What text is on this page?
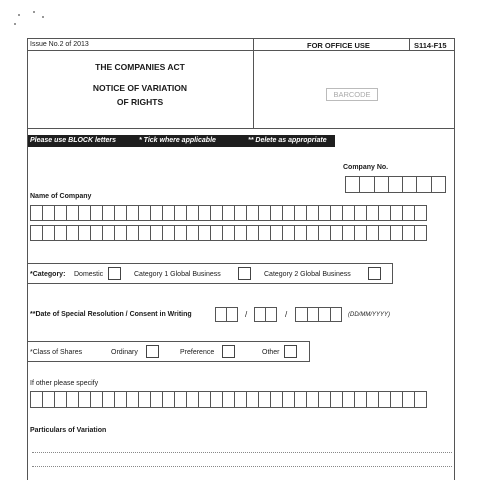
Issue No.2 of 2013	FOR OFFICE USE	S114-F15
THE COMPANIES ACT
NOTICE OF VARIATION
OF RIGHTS
BARCODE
Please use BLOCK letters	* Tick where applicable	** Delete as appropriate
Company No.
Name of Company
*Category: Domestic	Category 1 Global Business	Category 2 Global Business
**Date of Special Resolution / Consent in Writing	/	/	(DD/MM/YYYY)
*Class of Shares	Ordinary	Preference	Other
If other please specify
Particulars of Variation
